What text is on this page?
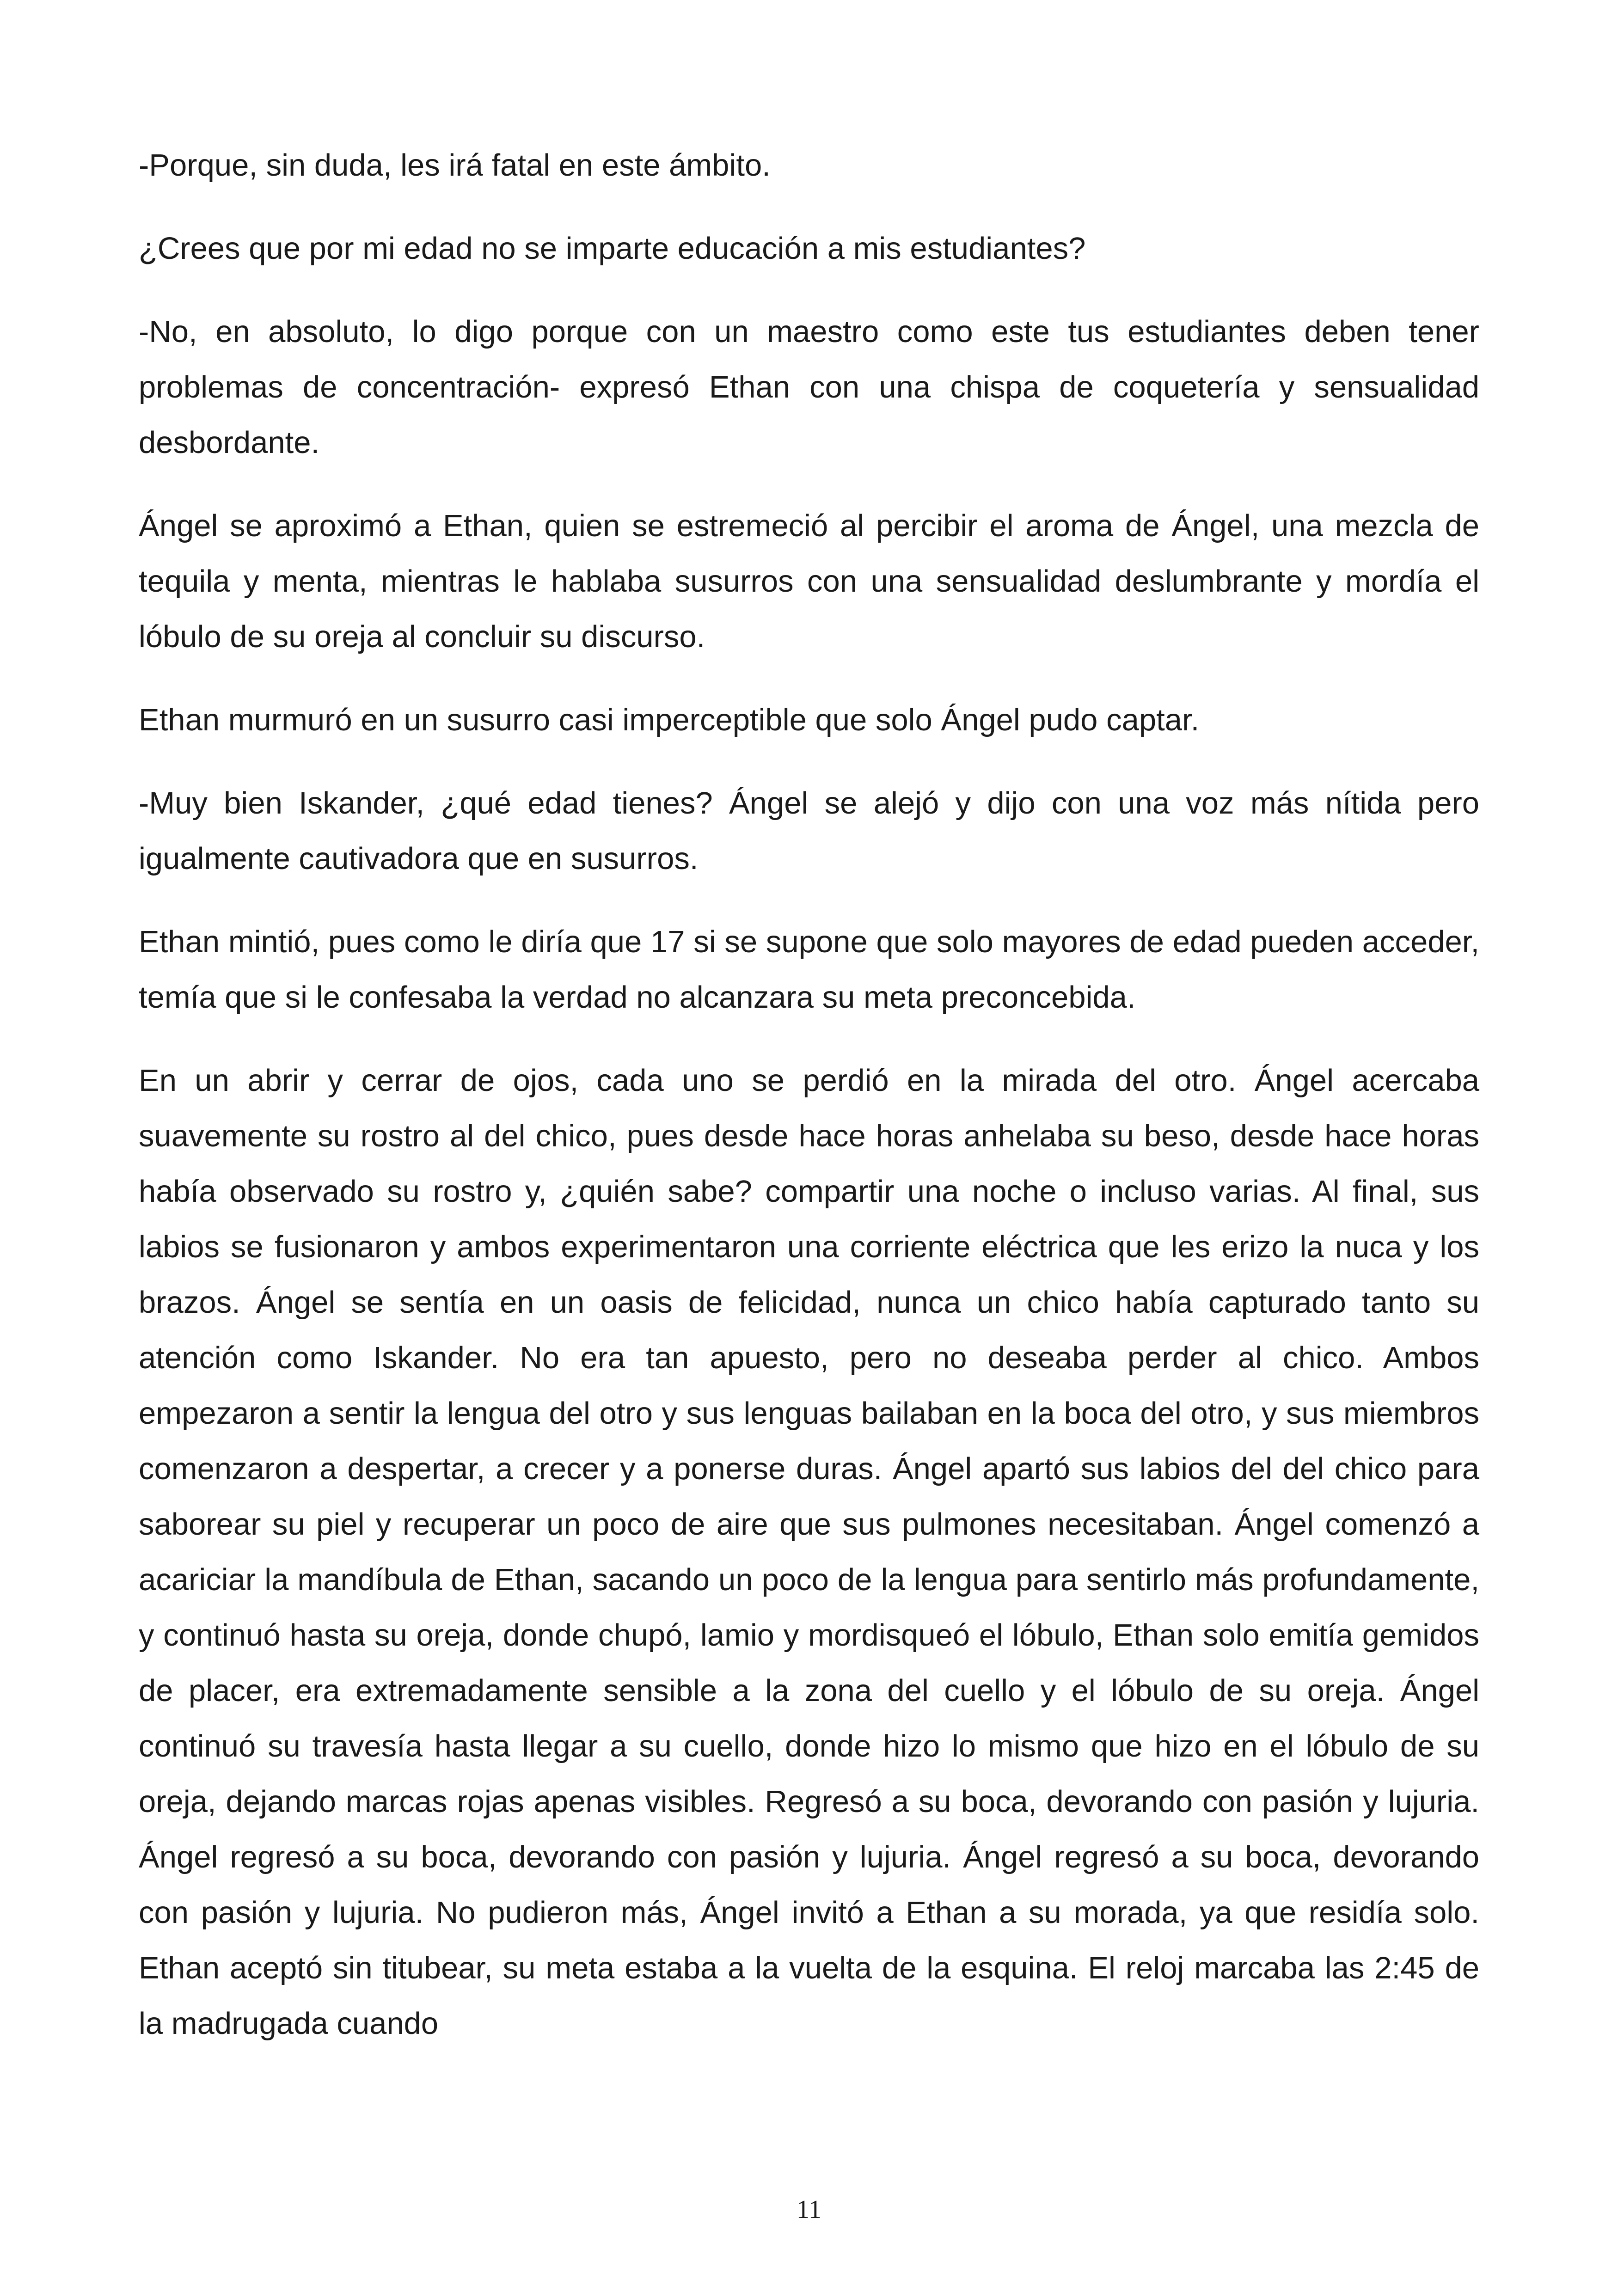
-Porque, sin duda, les irá fatal en este ámbito.

¿Crees que por mi edad no se imparte educación a mis estudiantes?

-No, en absoluto, lo digo porque con un maestro como este tus estudiantes deben tener problemas de concentración- expresó Ethan con una chispa de coquetería y sensualidad desbordante.

Ángel se aproximó a Ethan, quien se estremeció al percibir el aroma de Ángel, una mezcla de tequila y menta, mientras le hablaba susurros con una sensualidad deslumbrante y mordía el lóbulo de su oreja al concluir su discurso.

Ethan murmuró en un susurro casi imperceptible que solo Ángel pudo captar.

-Muy bien Iskander, ¿qué edad tienes? Ángel se alejó y dijo con una voz más nítida pero igualmente cautivadora que en susurros.

Ethan mintió, pues como le diría que 17 si se supone que solo mayores de edad pueden acceder, temía que si le confesaba la verdad no alcanzara su meta preconcebida.

En un abrir y cerrar de ojos, cada uno se perdió en la mirada del otro. Ángel acercaba suavemente su rostro al del chico, pues desde hace horas anhelaba su beso, desde hace horas había observado su rostro y, ¿quién sabe? compartir una noche o incluso varias. Al final, sus labios se fusionaron y ambos experimentaron una corriente eléctrica que les erizo la nuca y los brazos. Ángel se sentía en un oasis de felicidad, nunca un chico había capturado tanto su atención como Iskander. No era tan apuesto, pero no deseaba perder al chico. Ambos empezaron a sentir la lengua del otro y sus lenguas bailaban en la boca del otro, y sus miembros comenzaron a despertar, a crecer y a ponerse duras. Ángel apartó sus labios del del chico para saborear su piel y recuperar un poco de aire que sus pulmones necesitaban. Ángel comenzó a acariciar la mandíbula de Ethan, sacando un poco de la lengua para sentirlo más profundamente, y continuó hasta su oreja, donde chupó, lamio y mordisqueó el lóbulo, Ethan solo emitía gemidos de placer, era extremadamente sensible a la zona del cuello y el lóbulo de su oreja. Ángel continuó su travesía hasta llegar a su cuello, donde hizo lo mismo que hizo en el lóbulo de su oreja, dejando marcas rojas apenas visibles. Regresó a su boca, devorando con pasión y lujuria. Ángel regresó a su boca, devorando con pasión y lujuria. Ángel regresó a su boca, devorando con pasión y lujuria. No pudieron más, Ángel invitó a Ethan a su morada, ya que residía solo. Ethan aceptó sin titubear, su meta estaba a la vuelta de la esquina. El reloj marcaba las 2:45 de la madrugada cuando

11
